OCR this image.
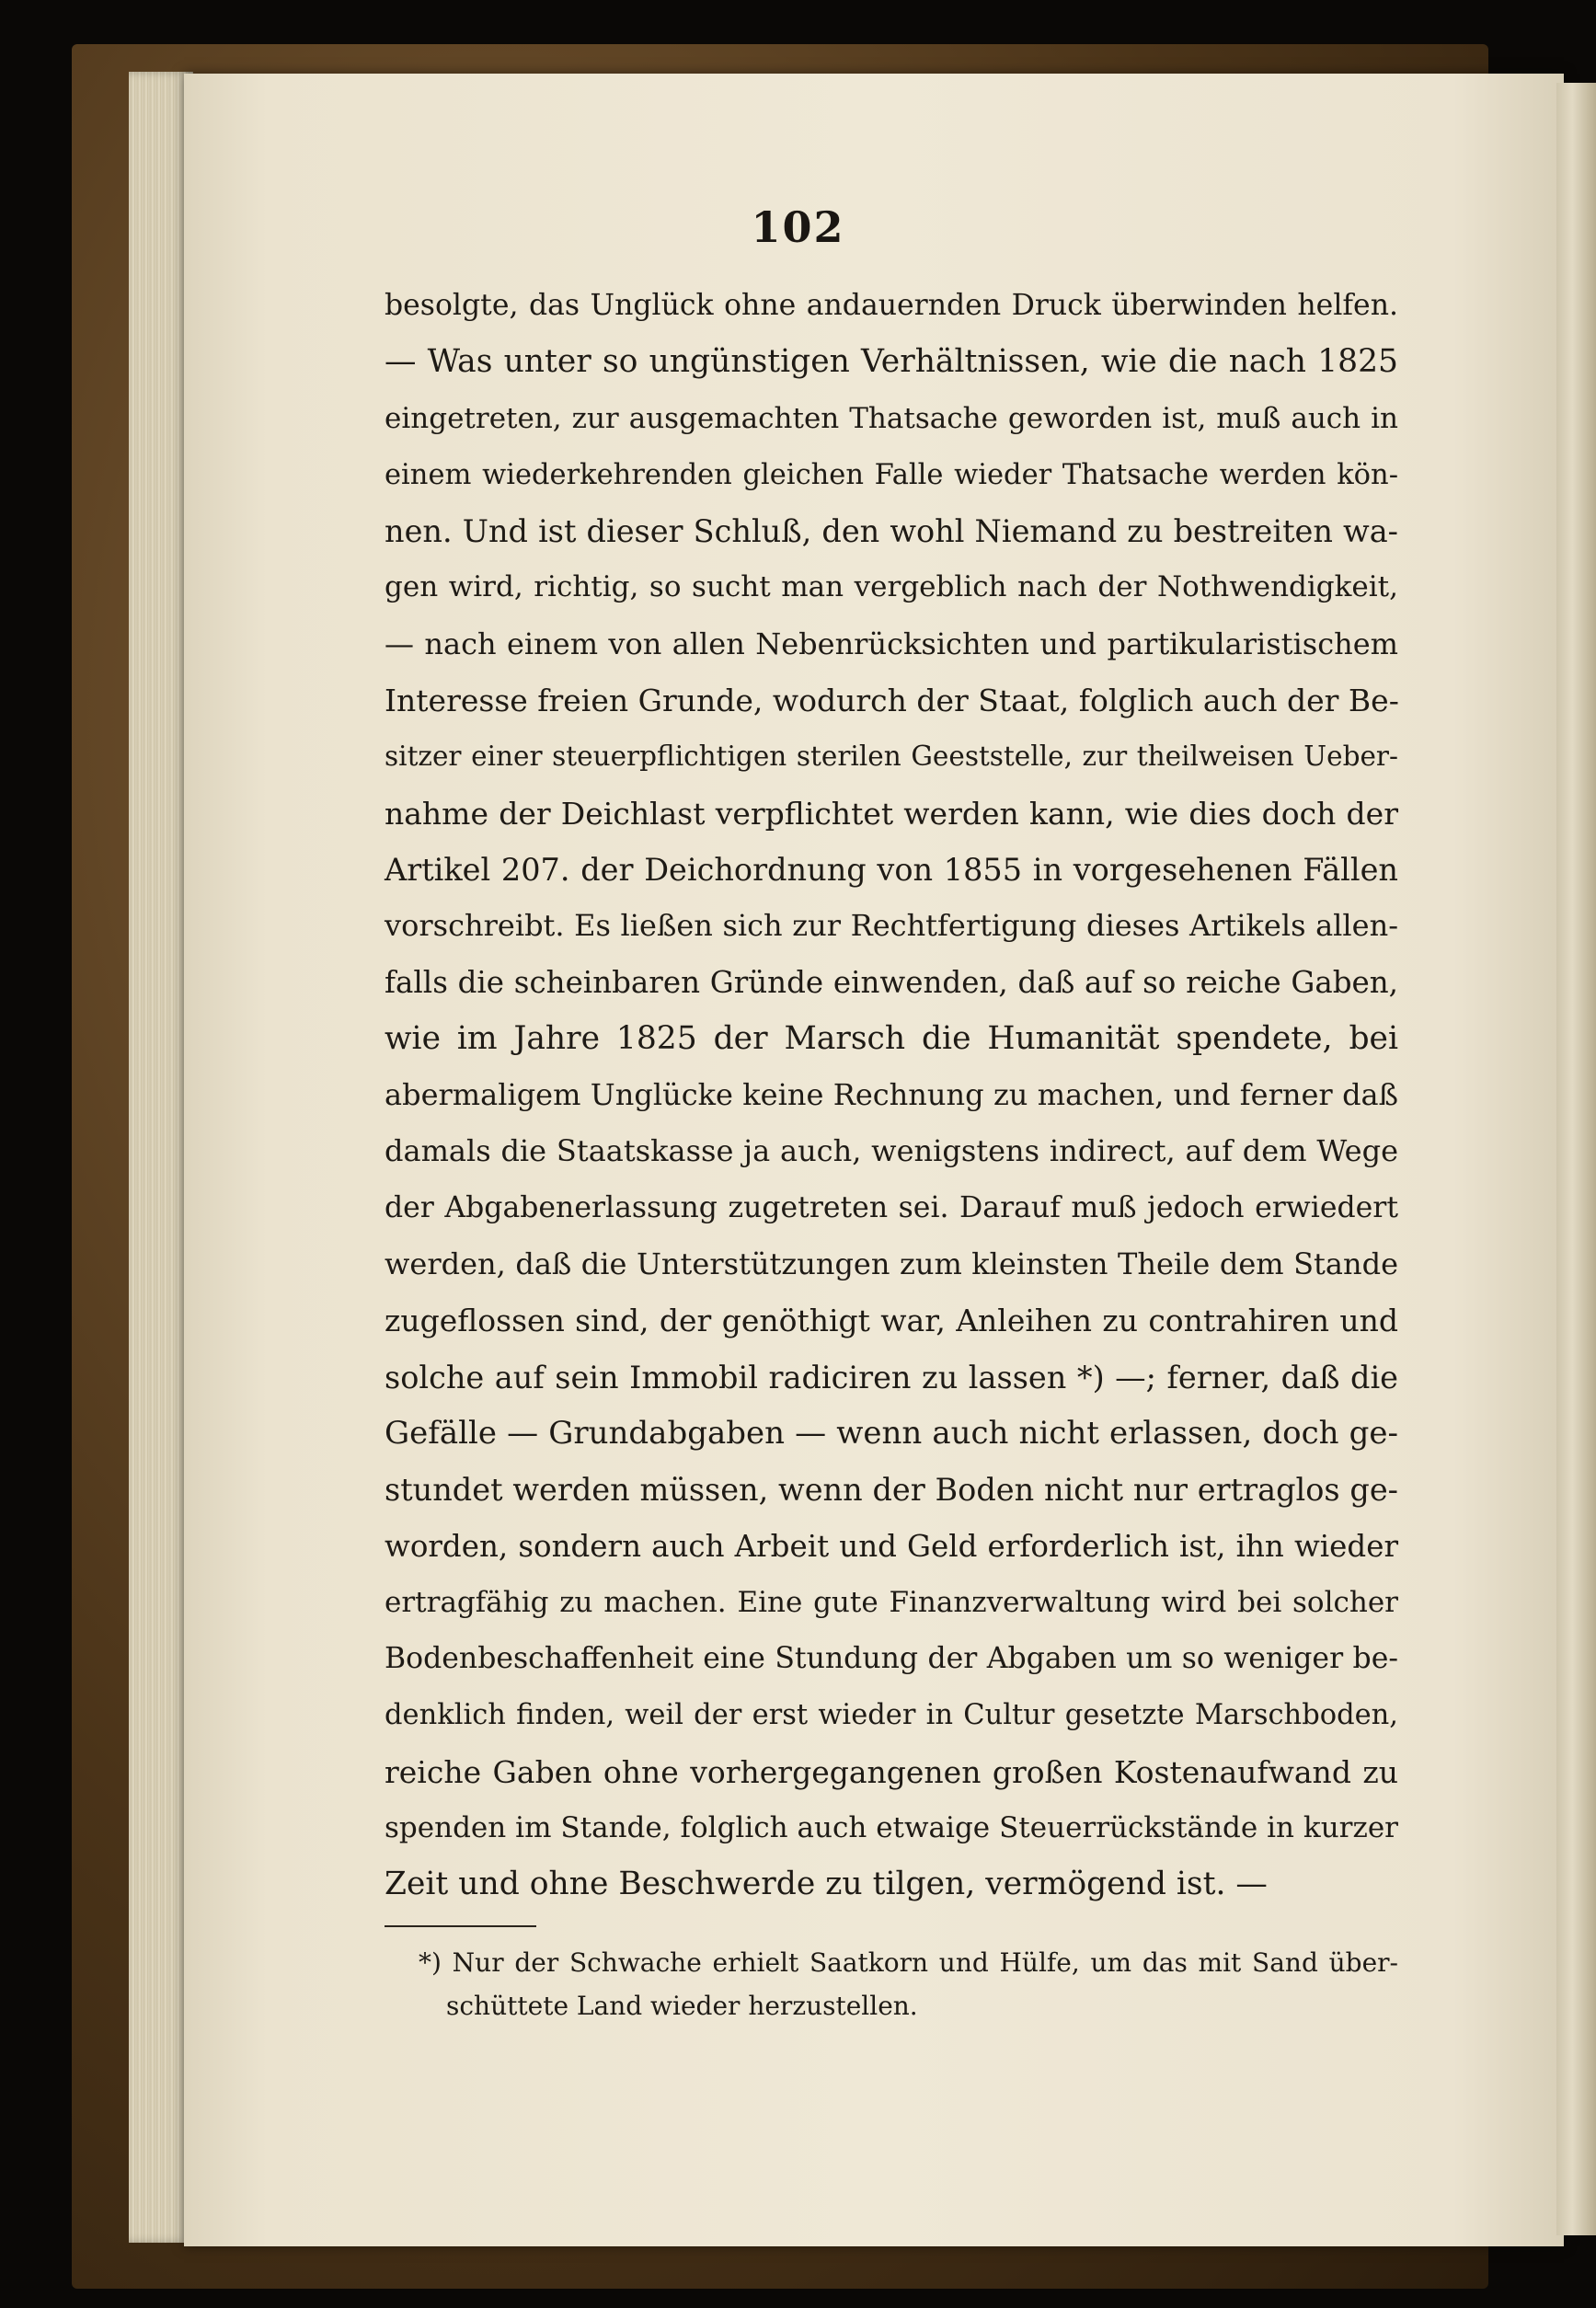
102
besolgte, das Unglück ohne andauernden Druck überwinden helfen.
— Was unter so ungünstigen Verhältnissen, wie die nach 1825
eingetreten, zur ausgemachten Thatsache geworden ist, muß auch in
einem wiederkehrenden gleichen Falle wieder Thatsache werden kön-
nen. Und ist dieser Schluß, den wohl Niemand zu bestreiten wa-
gen wird, richtig, so sucht man vergeblich nach der Nothwendigkeit,
— nach einem von allen Nebenrücksichten und partikularistischem
Interesse freien Grunde, wodurch der Staat, folglich auch der Be-
sitzer einer steuerpflichtigen sterilen Geeststelle, zur theilweisen Ueber-
nahme der Deichlast verpflichtet werden kann, wie dies doch der
Artikel 207. der Deichordnung von 1855 in vorgesehenen Fällen
vorschreibt. Es ließen sich zur Rechtfertigung dieses Artikels allen-
falls die scheinbaren Gründe einwenden, daß auf so reiche Gaben,
wie im Jahre 1825 der Marsch die Humanität spendete, bei
abermaligem Unglücke keine Rechnung zu machen, und ferner daß
damals die Staatskasse ja auch, wenigstens indirect, auf dem Wege
der Abgabenerlassung zugetreten sei. Darauf muß jedoch erwiedert
werden, daß die Unterstützungen zum kleinsten Theile dem Stande
zugeflossen sind, der genöthigt war, Anleihen zu contrahiren und
solche auf sein Immobil radiciren zu lassen *) —; ferner, daß die
Gefälle — Grundabgaben — wenn auch nicht erlassen, doch ge-
stundet werden müssen, wenn der Boden nicht nur ertraglos ge-
worden, sondern auch Arbeit und Geld erforderlich ist, ihn wieder
ertragfähig zu machen. Eine gute Finanzverwaltung wird bei solcher
Bodenbeschaffenheit eine Stundung der Abgaben um so weniger be-
denklich finden, weil der erst wieder in Cultur gesetzte Marschboden,
reiche Gaben ohne vorhergegangenen großen Kostenaufwand zu
spenden im Stande, folglich auch etwaige Steuerrückstände in kurzer
Zeit und ohne Beschwerde zu tilgen, vermögend ist. —
*) Nur der Schwache erhielt Saatkorn und Hülfe, um das mit Sand über-
schüttete Land wieder herzustellen.
